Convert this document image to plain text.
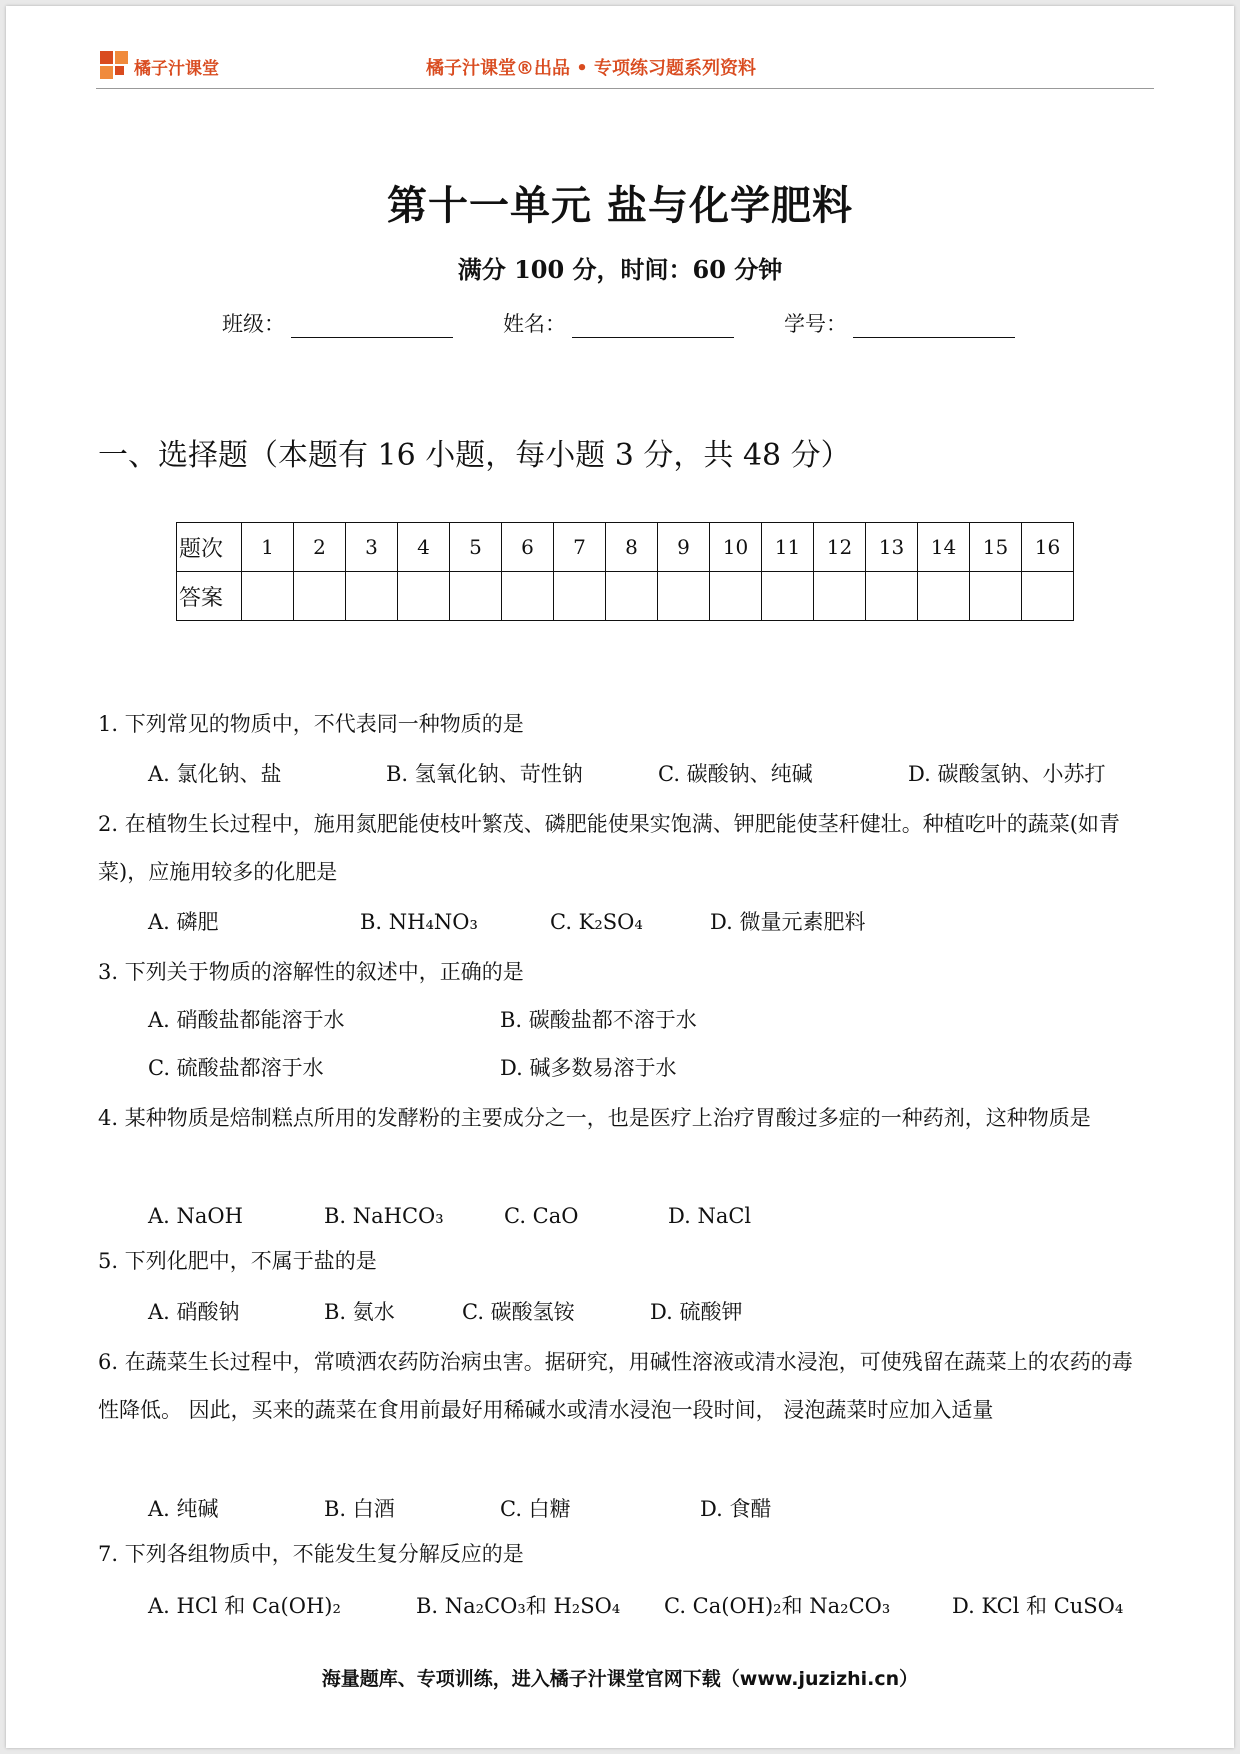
橘子汁课堂	橘子汁课堂®出品 • 专项练习题系列资料
第十一单元 盐与化学肥料
满分 100 分，时间：60 分钟
班级：	姓名：	学号：
一、选择题（本题有 16 小题，每小题 3 分，共 48 分）
题次	1	2	3	4	5	6	7	8	9	10	11	12	13	14	15	16
答案																
1. 下列常见的物质中，不代表同一种物质的是
A. 氯化钠、盐	B. 氢氧化钠、苛性钠	C. 碳酸钠、纯碱	D. 碳酸氢钠、小苏打
2. 在植物生长过程中，施用氮肥能使枝叶繁茂、磷肥能使果实饱满、钾肥能使茎秆健壮。种植吃叶的蔬菜(如青菜)，应施用较多的化肥是
A. 磷肥	B. NH₄NO₃	C. K₂SO₄	D. 微量元素肥料
3. 下列关于物质的溶解性的叙述中，正确的是
A. 硝酸盐都能溶于水	B. 碳酸盐都不溶于水
C. 硫酸盐都溶于水	D. 碱多数易溶于水
4. 某种物质是焙制糕点所用的发酵粉的主要成分之一，也是医疗上治疗胃酸过多症的一种药剂，这种物质是
A. NaOH	B. NaHCO₃	C. CaO	D. NaCl
5. 下列化肥中，不属于盐的是
A. 硝酸钠	B. 氨水	C. 碳酸氢铵	D. 硫酸钾
6. 在蔬菜生长过程中，常喷洒农药防治病虫害。据研究，用碱性溶液或清水浸泡，可使残留在蔬菜上的农药的毒性降低。 因此，买来的蔬菜在食用前最好用稀碱水或清水浸泡一段时间， 浸泡蔬菜时应加入适量
A. 纯碱	B. 白酒	C. 白糖	D. 食醋
7. 下列各组物质中，不能发生复分解反应的是
A. HCl 和 Ca(OH)₂	B. Na₂CO₃和 H₂SO₄ C. Ca(OH)₂和 Na₂CO₃	D. KCl 和 CuSO₄
海量题库、专项训练，进入橘子汁课堂官网下载（www.juzizhi.cn）
